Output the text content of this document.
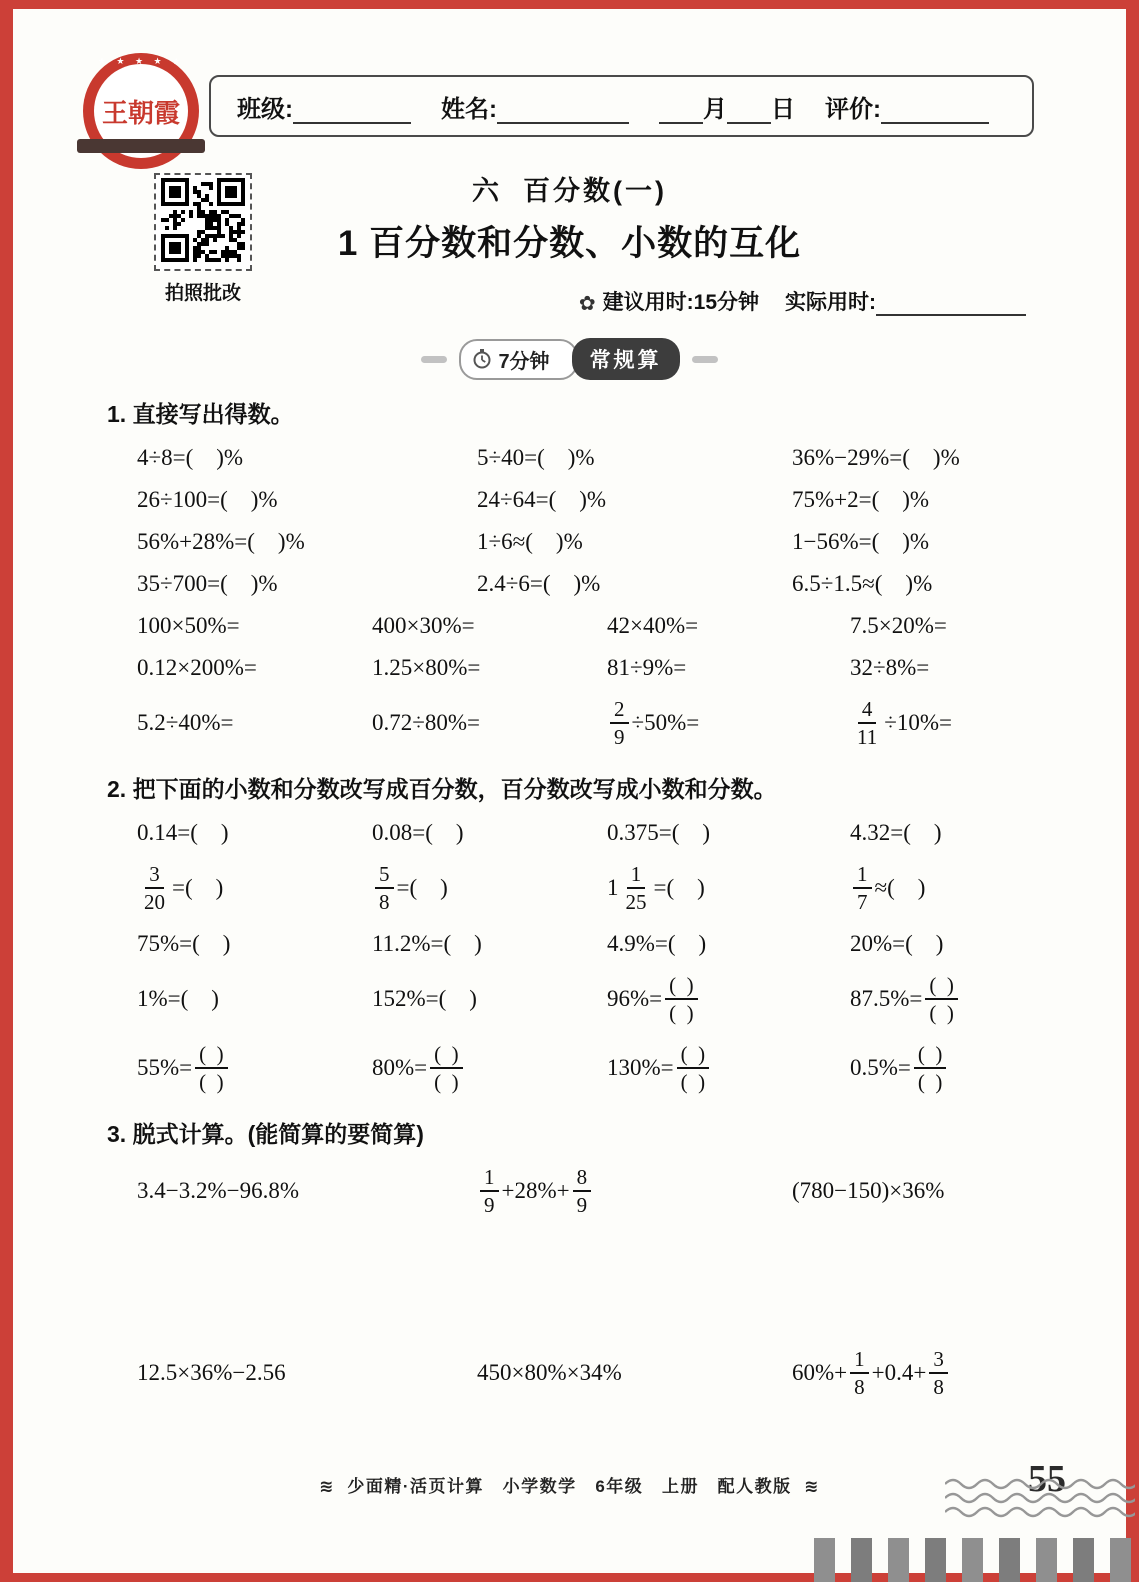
★ ★ ★ ★ ★
王朝霞 班级:	姓名:	月 日 评价:
拍照批改
六  百分数(一)
1 百分数和分数、小数的互化
✿ 建议用时:15分钟 实际用时:
7分钟	常规算
1. 直接写出得数。
4÷8=(    )%	5÷40=(    )%	36%−29%=(    )%
26÷100=(    )%	24÷64=(    )%	75%+2=(    )%
56%+28%=(    )%	1÷6≈(    )%	1−56%=(    )%
35÷700=(    )%	2.4÷6=(    )%	6.5÷1.5≈(    )%
100×50%=	400×30%=	42×40%=	7.5×20%=
0.12×200%=	1.25×80%=	81÷9%=	32÷8%=
5.2÷40%=	0.72÷80%=	$\frac{2}{9} \div 50\%=$	$\frac{4}{11} \div 10\%=$
2. 把下面的小数和分数改写成百分数，百分数改写成小数和分数。
0.14=(    )	0.08=(    )	0.375=(    )	4.32=(    )
$\frac{3}{20}$ =(    )	$\frac{5}{8}$ =(    )	$1 \frac{1}{25}$ =(    )	$\frac{1}{7}$ ≈(    )
75%=(    )	11.2%=(    )	4.9%=(    )	20%=(    )
1%=(    )	152%=(    )	$96\%= \frac{( )}{( )}$	$87.5\%= \frac{( )}{( )}$
$55\%= \frac{( )}{( )}$	$80\%= \frac{( )}{( )}$	$130\%= \frac{( )}{( )}$	$0.5\%= \frac{( )}{( )}$
3. 脱式计算。(能简算的要简算)
3.4−3.2%−96.8%	$\frac{1}{9} +28\%+ \frac{8}{9}$	(780−150)×36%
12.5×36%−2.56	450×80%×34%	$60\%+ \frac{1}{8} +0.4+ \frac{3}{8}$
≋  少面精·活页计算   小学数学   6年级   上册   配人教版  ≋	55
